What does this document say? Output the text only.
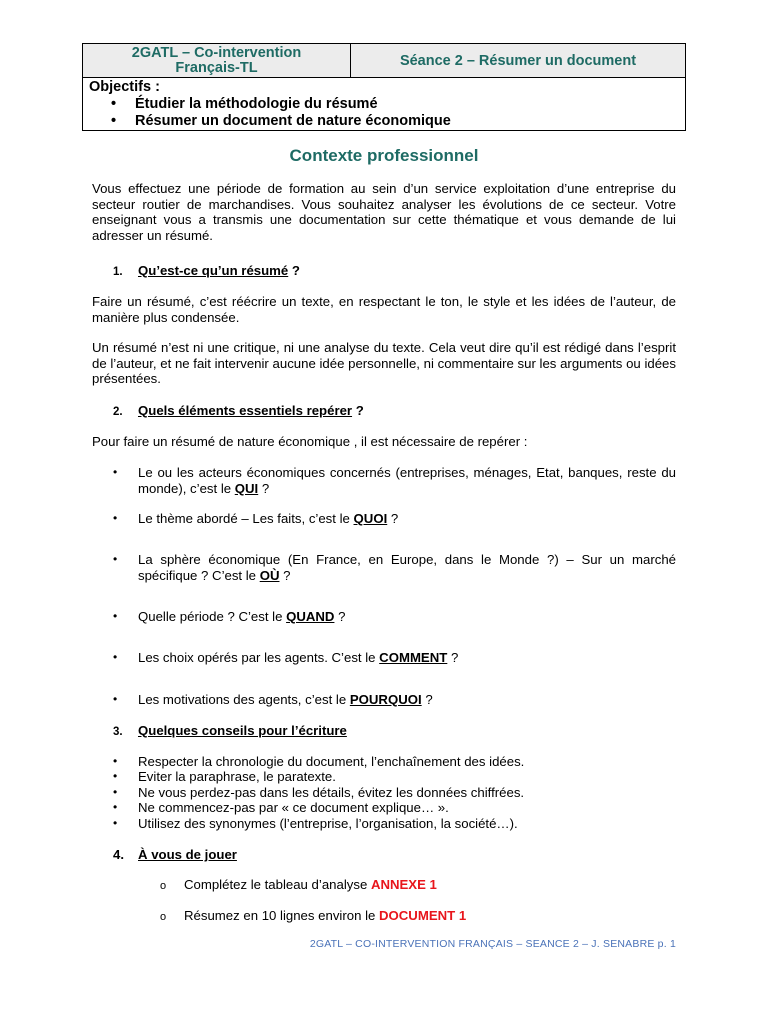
2GATL – Co-intervention
Français-TL	Séance 2 – Résumer un document

Objectifs :
• Étudier la méthodologie du résumé
• Résumer un document de nature économique
Contexte professionnel
Vous effectuez une période de formation au sein d’un service exploitation d’une entreprise du secteur routier de marchandises. Vous souhaitez analyser les évolutions de ce secteur. Votre enseignant vous a transmis une documentation sur cette thématique et vous demande de lui adresser un résumé.
1. Qu’est-ce qu’un résumé ?
Faire un résumé, c’est réécrire un texte, en respectant le ton, le style et les idées de l’auteur, de manière plus condensée.
Un résumé n’est ni une critique, ni une analyse du texte. Cela veut dire qu’il est rédigé dans l’esprit de l’auteur, et ne fait intervenir aucune idée personnelle, ni commentaire sur les arguments ou idées présentées.
2. Quels éléments essentiels repérer ?
Pour faire un résumé de nature économique , il est nécessaire de repérer :
• Le ou les acteurs économiques concernés (entreprises, ménages, Etat, banques, reste du monde), c’est le QUI ?
• Le thème abordé – Les faits, c’est le QUOI ?
• La sphère économique (En France, en Europe, dans le Monde ?) – Sur un marché spécifique ? C’est le OÙ ?
• Quelle période ? C’est le QUAND ?
• Les choix opérés par les agents. C’est le COMMENT ?
• Les motivations des agents, c’est le POURQUOI ?
3. Quelques conseils pour l’écriture
• Respecter la chronologie du document, l’enchaînement des idées.
• Eviter la paraphrase, le paratexte.
• Ne vous perdez-pas dans les détails, évitez les données chiffrées.
• Ne commencez-pas par « ce document explique… ».
• Utilisez des synonymes (l’entreprise, l’organisation, la société…).
4. À vous de jouer
o Complétez le tableau d’analyse ANNEXE 1
o Résumez en 10 lignes environ le DOCUMENT 1
2GATL – CO-INTERVENTION FRANÇAIS – SEANCE 2 – J. SENABRE p. 1
